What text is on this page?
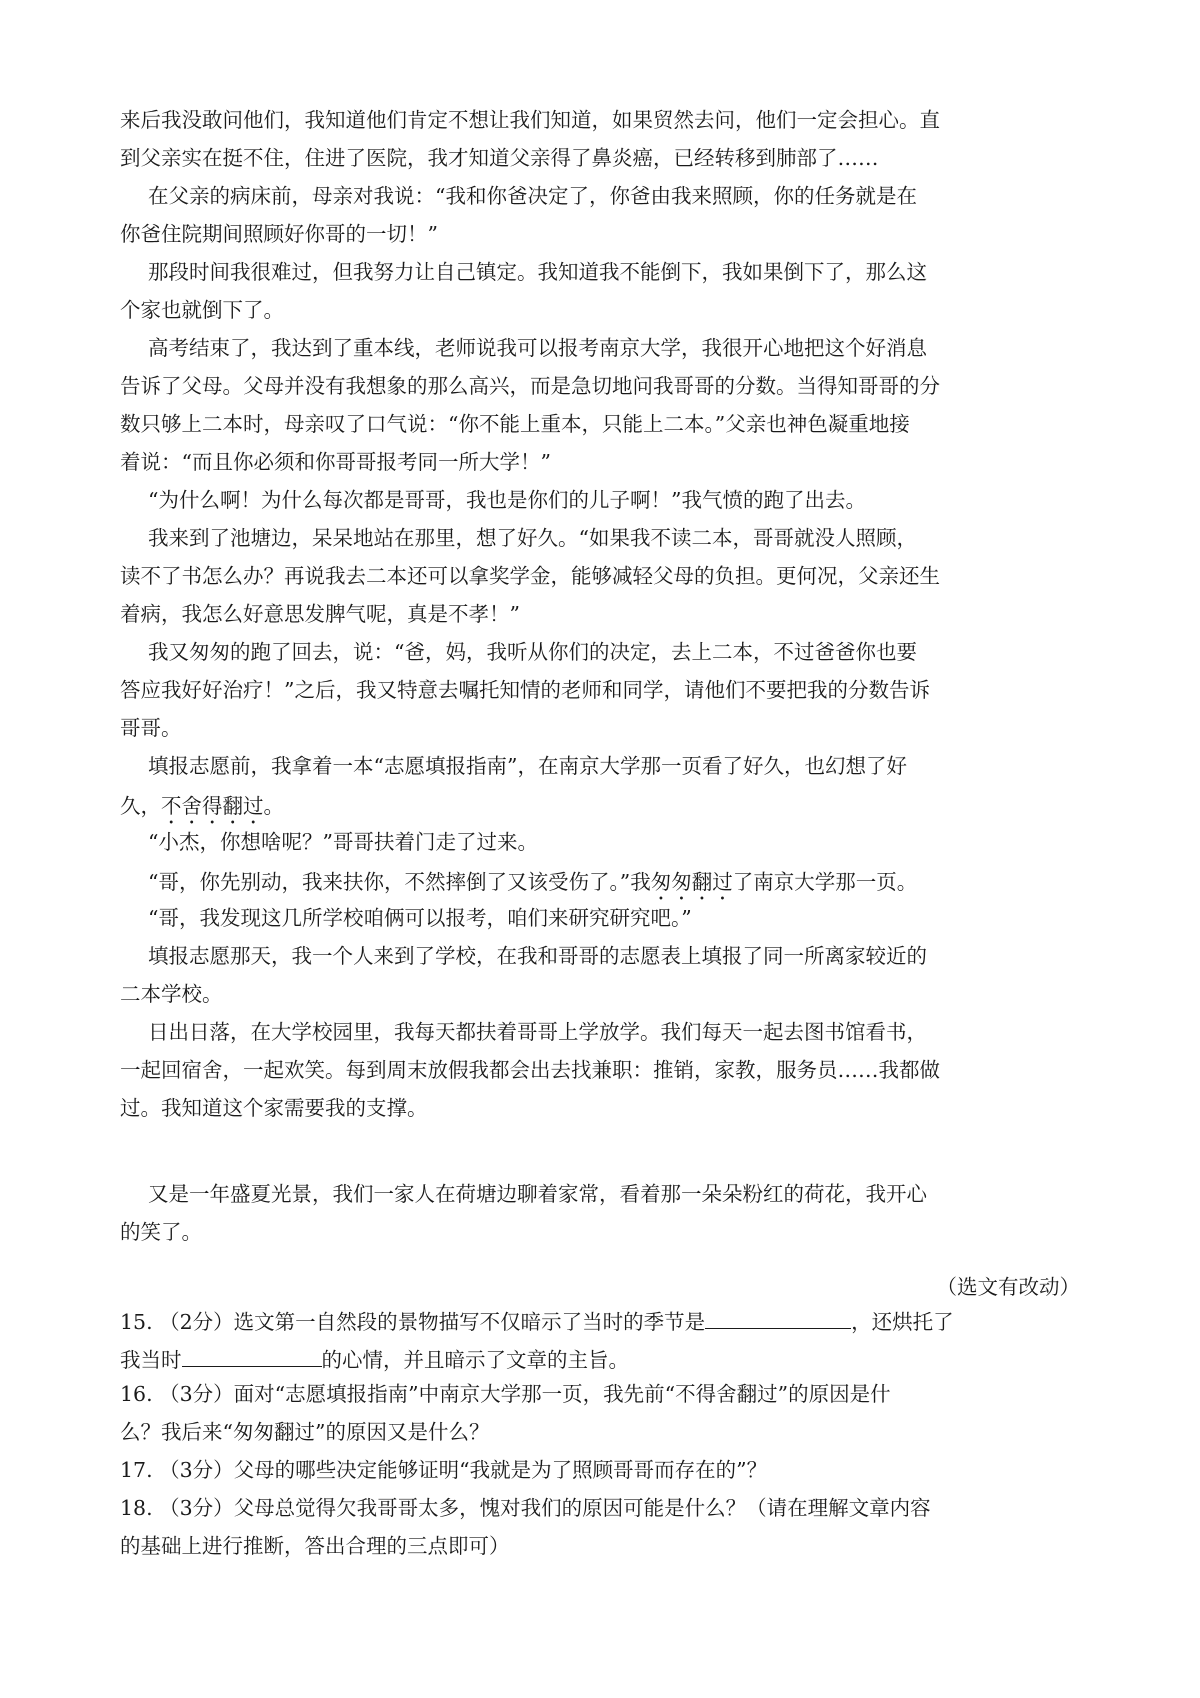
来后我没敢问他们，我知道他们肯定不想让我们知道，如果贸然去问，他们一定会担心。直
到父亲实在挺不住，住进了医院，我才知道父亲得了鼻炎癌，已经转移到肺部了……
在父亲的病床前，母亲对我说：“我和你爸决定了，你爸由我来照顾，你的任务就是在
你爸住院期间照顾好你哥的一切！”
那段时间我很难过，但我努力让自己镇定。我知道我不能倒下，我如果倒下了，那么这
个家也就倒下了。
高考结束了，我达到了重本线，老师说我可以报考南京大学，我很开心地把这个好消息
告诉了父母。父母并没有我想象的那么高兴，而是急切地问我哥哥的分数。当得知哥哥的分
数只够上二本时，母亲叹了口气说：“你不能上重本，只能上二本。”父亲也神色凝重地接
着说：“而且你必须和你哥哥报考同一所大学！”
“为什么啊！为什么每次都是哥哥，我也是你们的儿子啊！”我气愤的跑了出去。
我来到了池塘边，呆呆地站在那里，想了好久。“如果我不读二本，哥哥就没人照顾，
读不了书怎么办？再说我去二本还可以拿奖学金，能够减轻父母的负担。更何况，父亲还生
着病，我怎么好意思发脾气呢，真是不孝！”
我又匆匆的跑了回去，说：“爸，妈，我听从你们的决定，去上二本，不过爸爸你也要
答应我好好治疗！”之后，我又特意去嘱托知情的老师和同学，请他们不要把我的分数告诉
哥哥。
填报志愿前，我拿着一本“志愿填报指南”，在南京大学那一页看了好久，也幻想了好
久，不舍得翻过。
“小杰，你想啥呢？”哥哥扶着门走了过来。
“哥，你先别动，我来扶你，不然摔倒了又该受伤了。”我匆匆翻过了南京大学那一页。
“哥，我发现这几所学校咱俩可以报考，咱们来研究研究吧。”
填报志愿那天，我一个人来到了学校，在我和哥哥的志愿表上填报了同一所离家较近的
二本学校。
日出日落，在大学校园里，我每天都扶着哥哥上学放学。我们每天一起去图书馆看书，
一起回宿舍，一起欢笑。每到周末放假我都会出去找兼职：推销，家教，服务员……我都做
过。我知道这个家需要我的支撑。
又是一年盛夏光景，我们一家人在荷塘边聊着家常，看着那一朵朵粉红的荷花，我开心
的笑了。
（选文有改动）
15. （2分）选文第一自然段的景物描写不仅暗示了当时的季节是	，还烘托了
我当时	的心情，并且暗示了文章的主旨。
16. （3分）面对“志愿填报指南”中南京大学那一页，我先前“不得舍翻过”的原因是什
么？我后来“匆匆翻过”的原因又是什么？
17. （3分）父母的哪些决定能够证明“我就是为了照顾哥哥而存在的”？
18. （3分）父母总觉得欠我哥哥太多，愧对我们的原因可能是什么？（请在理解文章内容
的基础上进行推断，答出合理的三点即可）
